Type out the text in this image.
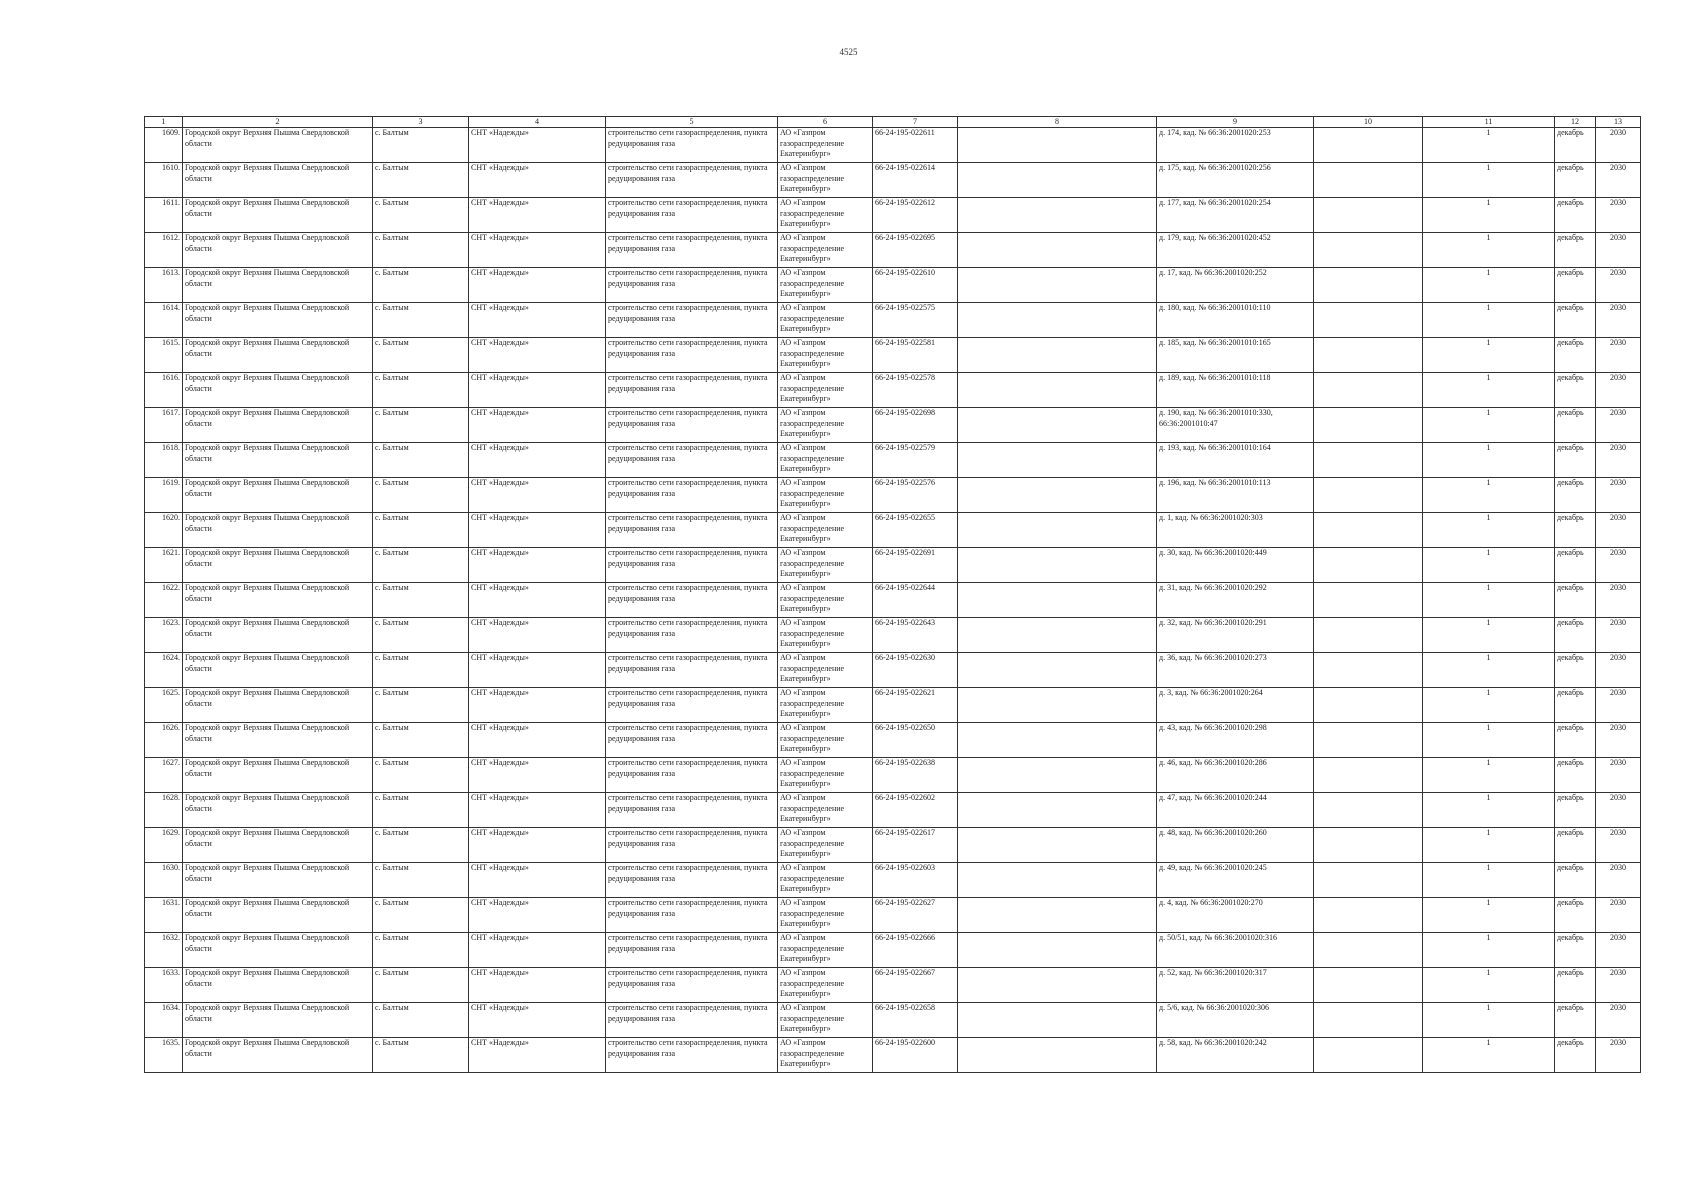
4525
1	2	3	4	5	6	7	8	9	10	11	12	13
1609.	Городской округ Верхняя Пышма Свердловской области	с. Балтым	СНТ «Надежды»	строительство сети газораспределения, пункта редуцирования газа	АО «Газпром газораспределение Екатеринбург»	66-24-195-022611		д. 174, кад. № 66:36:2001020:253		1	декабрь	2030
1610.	Городской округ Верхняя Пышма Свердловской области	с. Балтым	СНТ «Надежды»	строительство сети газораспределения, пункта редуцирования газа	АО «Газпром газораспределение Екатеринбург»	66-24-195-022614		д. 175, кад. № 66:36:2001020:256		1	декабрь	2030
1611.	Городской округ Верхняя Пышма Свердловской области	с. Балтым	СНТ «Надежды»	строительство сети газораспределения, пункта редуцирования газа	АО «Газпром газораспределение Екатеринбург»	66-24-195-022612		д. 177, кад. № 66:36:2001020:254		1	декабрь	2030
1612.	Городской округ Верхняя Пышма Свердловской области	с. Балтым	СНТ «Надежды»	строительство сети газораспределения, пункта редуцирования газа	АО «Газпром газораспределение Екатеринбург»	66-24-195-022695		д. 179, кад. № 66:36:2001020:452		1	декабрь	2030
1613.	Городской округ Верхняя Пышма Свердловской области	с. Балтым	СНТ «Надежды»	строительство сети газораспределения, пункта редуцирования газа	АО «Газпром газораспределение Екатеринбург»	66-24-195-022610		д. 17, кад. № 66:36:2001020:252		1	декабрь	2030
1614.	Городской округ Верхняя Пышма Свердловской области	с. Балтым	СНТ «Надежды»	строительство сети газораспределения, пункта редуцирования газа	АО «Газпром газораспределение Екатеринбург»	66-24-195-022575		д. 180, кад. № 66:36:2001010:110		1	декабрь	2030
1615.	Городской округ Верхняя Пышма Свердловской области	с. Балтым	СНТ «Надежды»	строительство сети газораспределения, пункта редуцирования газа	АО «Газпром газораспределение Екатеринбург»	66-24-195-022581		д. 185, кад. № 66:36:2001010:165		1	декабрь	2030
1616.	Городской округ Верхняя Пышма Свердловской области	с. Балтым	СНТ «Надежды»	строительство сети газораспределения, пункта редуцирования газа	АО «Газпром газораспределение Екатеринбург»	66-24-195-022578		д. 189, кад. № 66:36:2001010:118		1	декабрь	2030
1617.	Городской округ Верхняя Пышма Свердловской области	с. Балтым	СНТ «Надежды»	строительство сети газораспределения, пункта редуцирования газа	АО «Газпром газораспределение Екатеринбург»	66-24-195-022698		д. 190, кад. № 66:36:2001010:330, 66:36:2001010:47		1	декабрь	2030
1618.	Городской округ Верхняя Пышма Свердловской области	с. Балтым	СНТ «Надежды»	строительство сети газораспределения, пункта редуцирования газа	АО «Газпром газораспределение Екатеринбург»	66-24-195-022579		д. 193, кад. № 66:36:2001010:164		1	декабрь	2030
1619.	Городской округ Верхняя Пышма Свердловской области	с. Балтым	СНТ «Надежды»	строительство сети газораспределения, пункта редуцирования газа	АО «Газпром газораспределение Екатеринбург»	66-24-195-022576		д. 196, кад. № 66:36:2001010:113		1	декабрь	2030
1620.	Городской округ Верхняя Пышма Свердловской области	с. Балтым	СНТ «Надежды»	строительство сети газораспределения, пункта редуцирования газа	АО «Газпром газораспределение Екатеринбург»	66-24-195-022655		д. 1, кад. № 66:36:2001020:303		1	декабрь	2030
1621.	Городской округ Верхняя Пышма Свердловской области	с. Балтым	СНТ «Надежды»	строительство сети газораспределения, пункта редуцирования газа	АО «Газпром газораспределение Екатеринбург»	66-24-195-022691		д. 30, кад. № 66:36:2001020:449		1	декабрь	2030
1622.	Городской округ Верхняя Пышма Свердловской области	с. Балтым	СНТ «Надежды»	строительство сети газораспределения, пункта редуцирования газа	АО «Газпром газораспределение Екатеринбург»	66-24-195-022644		д. 31, кад. № 66:36:2001020:292		1	декабрь	2030
1623.	Городской округ Верхняя Пышма Свердловской области	с. Балтым	СНТ «Надежды»	строительство сети газораспределения, пункта редуцирования газа	АО «Газпром газораспределение Екатеринбург»	66-24-195-022643		д. 32, кад. № 66:36:2001020:291		1	декабрь	2030
1624.	Городской округ Верхняя Пышма Свердловской области	с. Балтым	СНТ «Надежды»	строительство сети газораспределения, пункта редуцирования газа	АО «Газпром газораспределение Екатеринбург»	66-24-195-022630		д. 36, кад. № 66:36:2001020:273		1	декабрь	2030
1625.	Городской округ Верхняя Пышма Свердловской области	с. Балтым	СНТ «Надежды»	строительство сети газораспределения, пункта редуцирования газа	АО «Газпром газораспределение Екатеринбург»	66-24-195-022621		д. 3, кад. № 66:36:2001020:264		1	декабрь	2030
1626.	Городской округ Верхняя Пышма Свердловской области	с. Балтым	СНТ «Надежды»	строительство сети газораспределения, пункта редуцирования газа	АО «Газпром газораспределение Екатеринбург»	66-24-195-022650		д. 43, кад. № 66:36:2001020:298		1	декабрь	2030
1627.	Городской округ Верхняя Пышма Свердловской области	с. Балтым	СНТ «Надежды»	строительство сети газораспределения, пункта редуцирования газа	АО «Газпром газораспределение Екатеринбург»	66-24-195-022638		д. 46, кад. № 66:36:2001020:286		1	декабрь	2030
1628.	Городской округ Верхняя Пышма Свердловской области	с. Балтым	СНТ «Надежды»	строительство сети газораспределения, пункта редуцирования газа	АО «Газпром газораспределение Екатеринбург»	66-24-195-022602		д. 47, кад. № 66:36:2001020:244		1	декабрь	2030
1629.	Городской округ Верхняя Пышма Свердловской области	с. Балтым	СНТ «Надежды»	строительство сети газораспределения, пункта редуцирования газа	АО «Газпром газораспределение Екатеринбург»	66-24-195-022617		д. 48, кад. № 66:36:2001020:260		1	декабрь	2030
1630.	Городской округ Верхняя Пышма Свердловской области	с. Балтым	СНТ «Надежды»	строительство сети газораспределения, пункта редуцирования газа	АО «Газпром газораспределение Екатеринбург»	66-24-195-022603		д. 49, кад. № 66:36:2001020:245		1	декабрь	2030
1631.	Городской округ Верхняя Пышма Свердловской области	с. Балтым	СНТ «Надежды»	строительство сети газораспределения, пункта редуцирования газа	АО «Газпром газораспределение Екатеринбург»	66-24-195-022627		д. 4, кад. № 66:36:2001020:270		1	декабрь	2030
1632.	Городской округ Верхняя Пышма Свердловской области	с. Балтым	СНТ «Надежды»	строительство сети газораспределения, пункта редуцирования газа	АО «Газпром газораспределение Екатеринбург»	66-24-195-022666		д. 50/51, кад. № 66:36:2001020:316		1	декабрь	2030
1633.	Городской округ Верхняя Пышма Свердловской области	с. Балтым	СНТ «Надежды»	строительство сети газораспределения, пункта редуцирования газа	АО «Газпром газораспределение Екатеринбург»	66-24-195-022667		д. 52, кад. № 66:36:2001020:317		1	декабрь	2030
1634.	Городской округ Верхняя Пышма Свердловской области	с. Балтым	СНТ «Надежды»	строительство сети газораспределения, пункта редуцирования газа	АО «Газпром газораспределение Екатеринбург»	66-24-195-022658		д. 5/6, кад. № 66:36:2001020:306		1	декабрь	2030
1635.	Городской округ Верхняя Пышма Свердловской области	с. Балтым	СНТ «Надежды»	строительство сети газораспределения, пункта редуцирования газа	АО «Газпром газораспределение Екатеринбург»	66-24-195-022600		д. 58, кад. № 66:36:2001020:242		1	декабрь	2030
